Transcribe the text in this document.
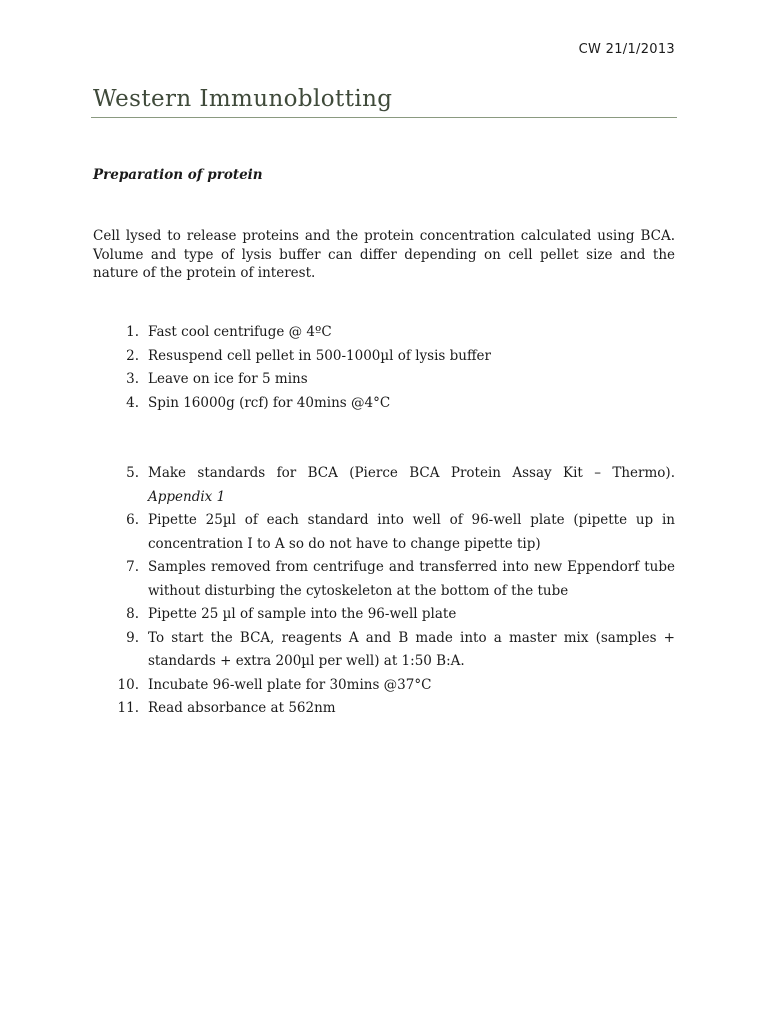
CW 21/1/2013
Western Immunoblotting
Preparation of protein

Cell lysed to release proteins and the protein concentration calculated using BCA. Volume and type of lysis buffer can differ depending on cell pellet size and the nature of the protein of interest.

1. Fast cool centrifuge @ 4ºC
2. Resuspend cell pellet in 500-1000µl of lysis buffer
3. Leave on ice for 5 mins
4. Spin 16000g (rcf) for 40mins @4°C
5. Make standards for BCA (Pierce BCA Protein Assay Kit – Thermo).
Appendix 1
6. Pipette 25µl of each standard into well of 96-well plate (pipette up in concentration I to A so do not have to change pipette tip)
7. Samples removed from centrifuge and transferred into new Eppendorf tube without disturbing the cytoskeleton at the bottom of the tube
8. Pipette 25 µl of sample into the 96-well plate
9. To start the BCA, reagents A and B made into a master mix (samples + standards + extra 200µl per well) at 1:50 B:A.
10. Incubate 96-well plate for 30mins @37°C
11. Read absorbance at 562nm
